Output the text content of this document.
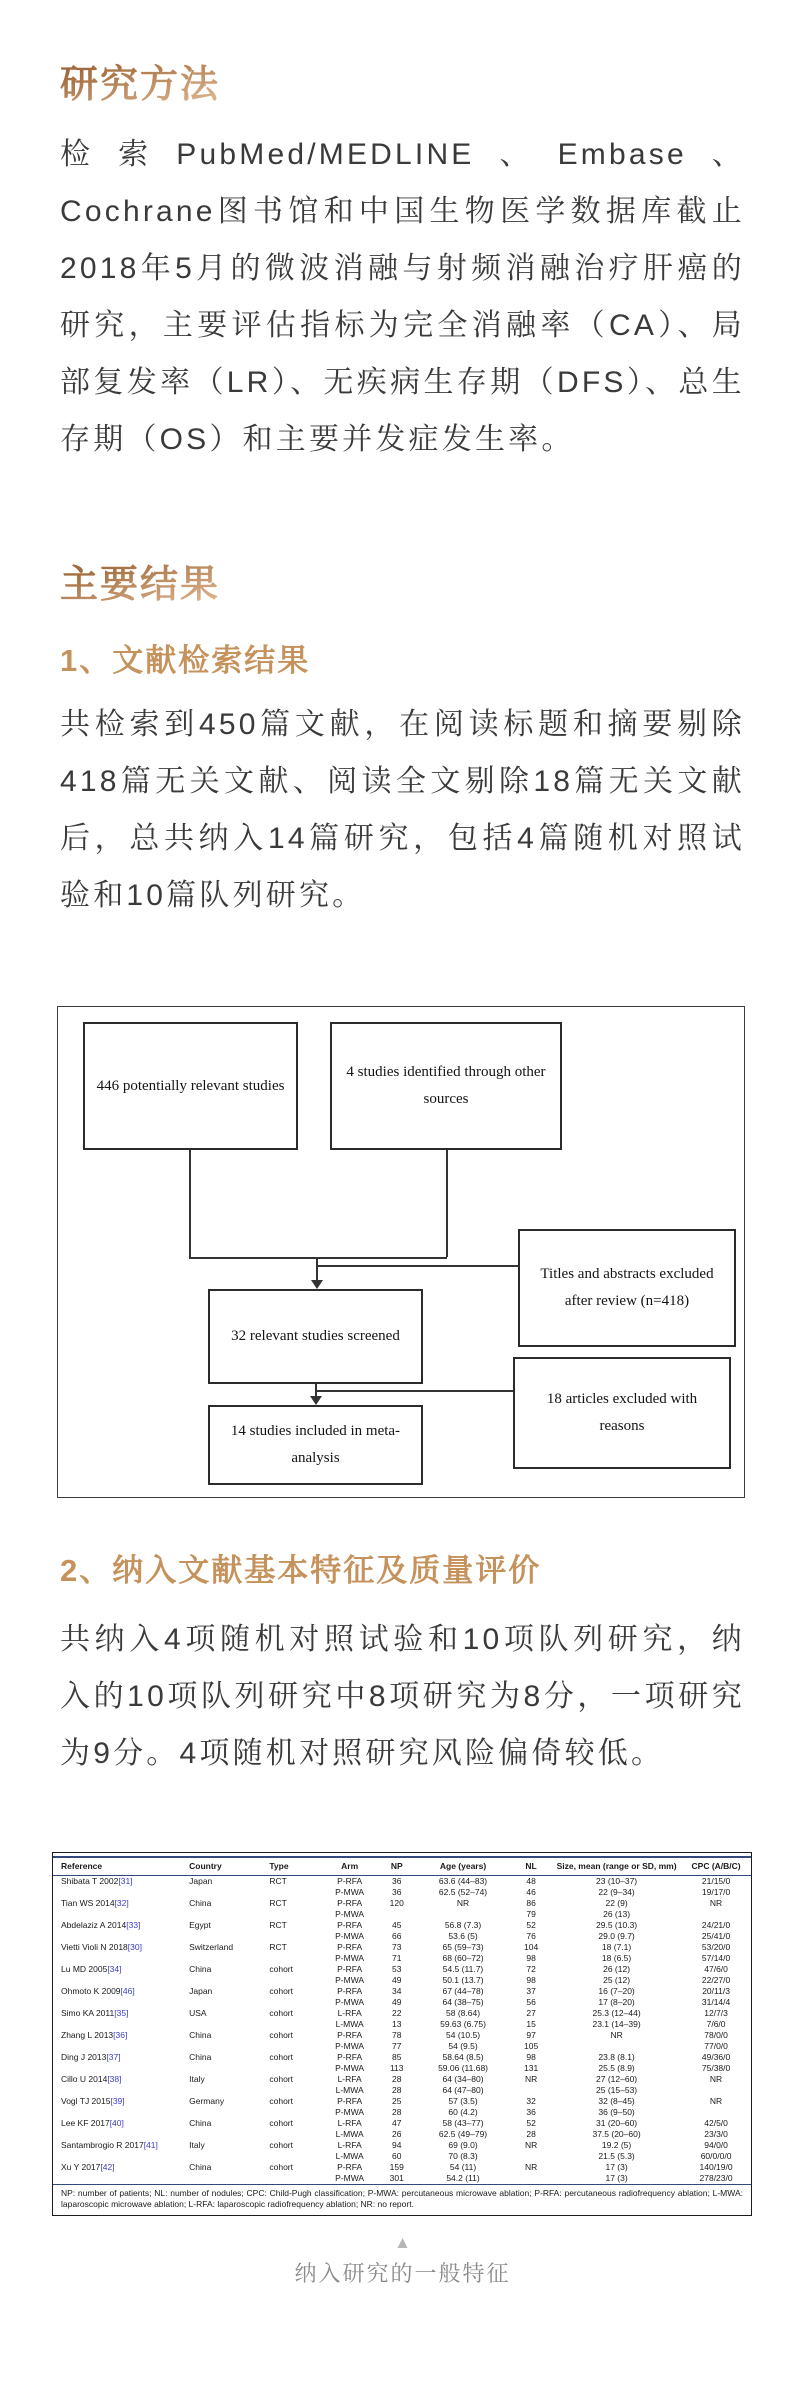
研究方法

检索PubMed/MEDLINE、Embase、Cochrane图书馆和中国生物医学数据库截止2018年5月的微波消融与射频消融治疗肝癌的研究，主要评估指标为完全消融率（CA）、局部复发率（LR）、无疾病生存期（DFS）、总生存期（OS）和主要并发症发生率。

主要结果
1、文献检索结果

共检索到450篇文献，在阅读标题和摘要剔除418篇无关文献、阅读全文剔除18篇无关文献后，总共纳入14篇研究，包括4篇随机对照试验和10篇队列研究。

446 potentially relevant studies
4 studies identified through other sources
Titles and abstracts excluded after review (n=418)
32 relevant studies screened
18 articles excluded with reasons
14 studies included in meta-analysis
2、纳入文献基本特征及质量评价

共纳入4项随机对照试验和10项队列研究，纳入的10项队列研究中8项研究为8分，一项研究为9分。4项随机对照研究风险偏倚较低。

Reference	Country	Type	Arm	NP	Age (years)	NL	Size, mean (range or SD, mm)	CPC (A/B/C)
Shibata T 2002[31]	Japan	RCT	P-RFA	36	63.6 (44–83)	48	23 (10–37)	21/15/0
			P-MWA	36	62.5 (52–74)	46	22 (9–34)	19/17/0
Tian WS 2014[32]	China	RCT	P-RFA	120	NR	86	22 (9)	NR
			P-MWA			79	26 (13)	
Abdelaziz A 2014[33]	Egypt	RCT	P-RFA	45	56.8 (7.3)	52	29.5 (10.3)	24/21/0
			P-MWA	66	53.6 (5)	76	29.0 (9.7)	25/41/0
Vietti Violi N 2018[30]	Switzerland	RCT	P-RFA	73	65 (59–73)	104	18 (7.1)	53/20/0
			P-MWA	71	68 (60–72)	98	18 (6.5)	57/14/0
Lu MD 2005[34]	China	cohort	P-RFA	53	54.5 (11.7)	72	26 (12)	47/6/0
			P-MWA	49	50.1 (13.7)	98	25 (12)	22/27/0
Ohmoto K 2009[46]	Japan	cohort	P-RFA	34	67 (44–78)	37	16 (7–20)	20/11/3
			P-MWA	49	64 (38–75)	56	17 (8–20)	31/14/4
Simo KA 2011[35]	USA	cohort	L-RFA	22	58 (8.64)	27	25.3 (12–44)	12/7/3
			L-MWA	13	59.63 (6.75)	15	23.1 (14–39)	7/6/0
Zhang L 2013[36]	China	cohort	P-RFA	78	54 (10.5)	97	NR	78/0/0
			P-MWA	77	54 (9.5)	105		77/0/0
Ding J 2013[37]	China	cohort	P-RFA	85	58.64 (8.5)	98	23.8 (8.1)	49/36/0
			P-MWA	113	59.06 (11.68)	131	25.5 (8.9)	75/38/0
Cillo U 2014[38]	Italy	cohort	L-RFA	28	64 (34–80)	NR	27 (12–60)	NR
			L-MWA	28	64 (47–80)		25 (15–53)	
Vogl TJ 2015[39]	Germany	cohort	P-RFA	25	57 (3.5)	32	32 (8–45)	NR
			P-MWA	28	60 (4.2)	36	36 (9–50)	
Lee KF 2017[40]	China	cohort	L-RFA	47	58 (43–77)	52	31 (20–60)	42/5/0
			L-MWA	26	62.5 (49–79)	28	37.5 (20–60)	23/3/0
Santambrogio R 2017[41]	Italy	cohort	L-RFA	94	69 (9.0)	NR	19.2 (5)	94/0/0
			L-MWA	60	70 (8.3)		21.5 (5.3)	60/0/0/0
Xu Y 2017[42]	China	cohort	P-RFA	159	54 (11)	NR	17 (3)	140/19/0
			P-MWA	301	54.2 (11)		17 (3)	278/23/0
NP: number of patients; NL: number of nodules; CPC: Child-Pugh classification; P-MWA: percutaneous microwave ablation; P-RFA: percutaneous radiofrequency ablation; L-MWA: laparoscopic microwave ablation; L-RFA: laparoscopic radiofrequency ablation; NR: no report.
▲
纳入研究的一般特征
